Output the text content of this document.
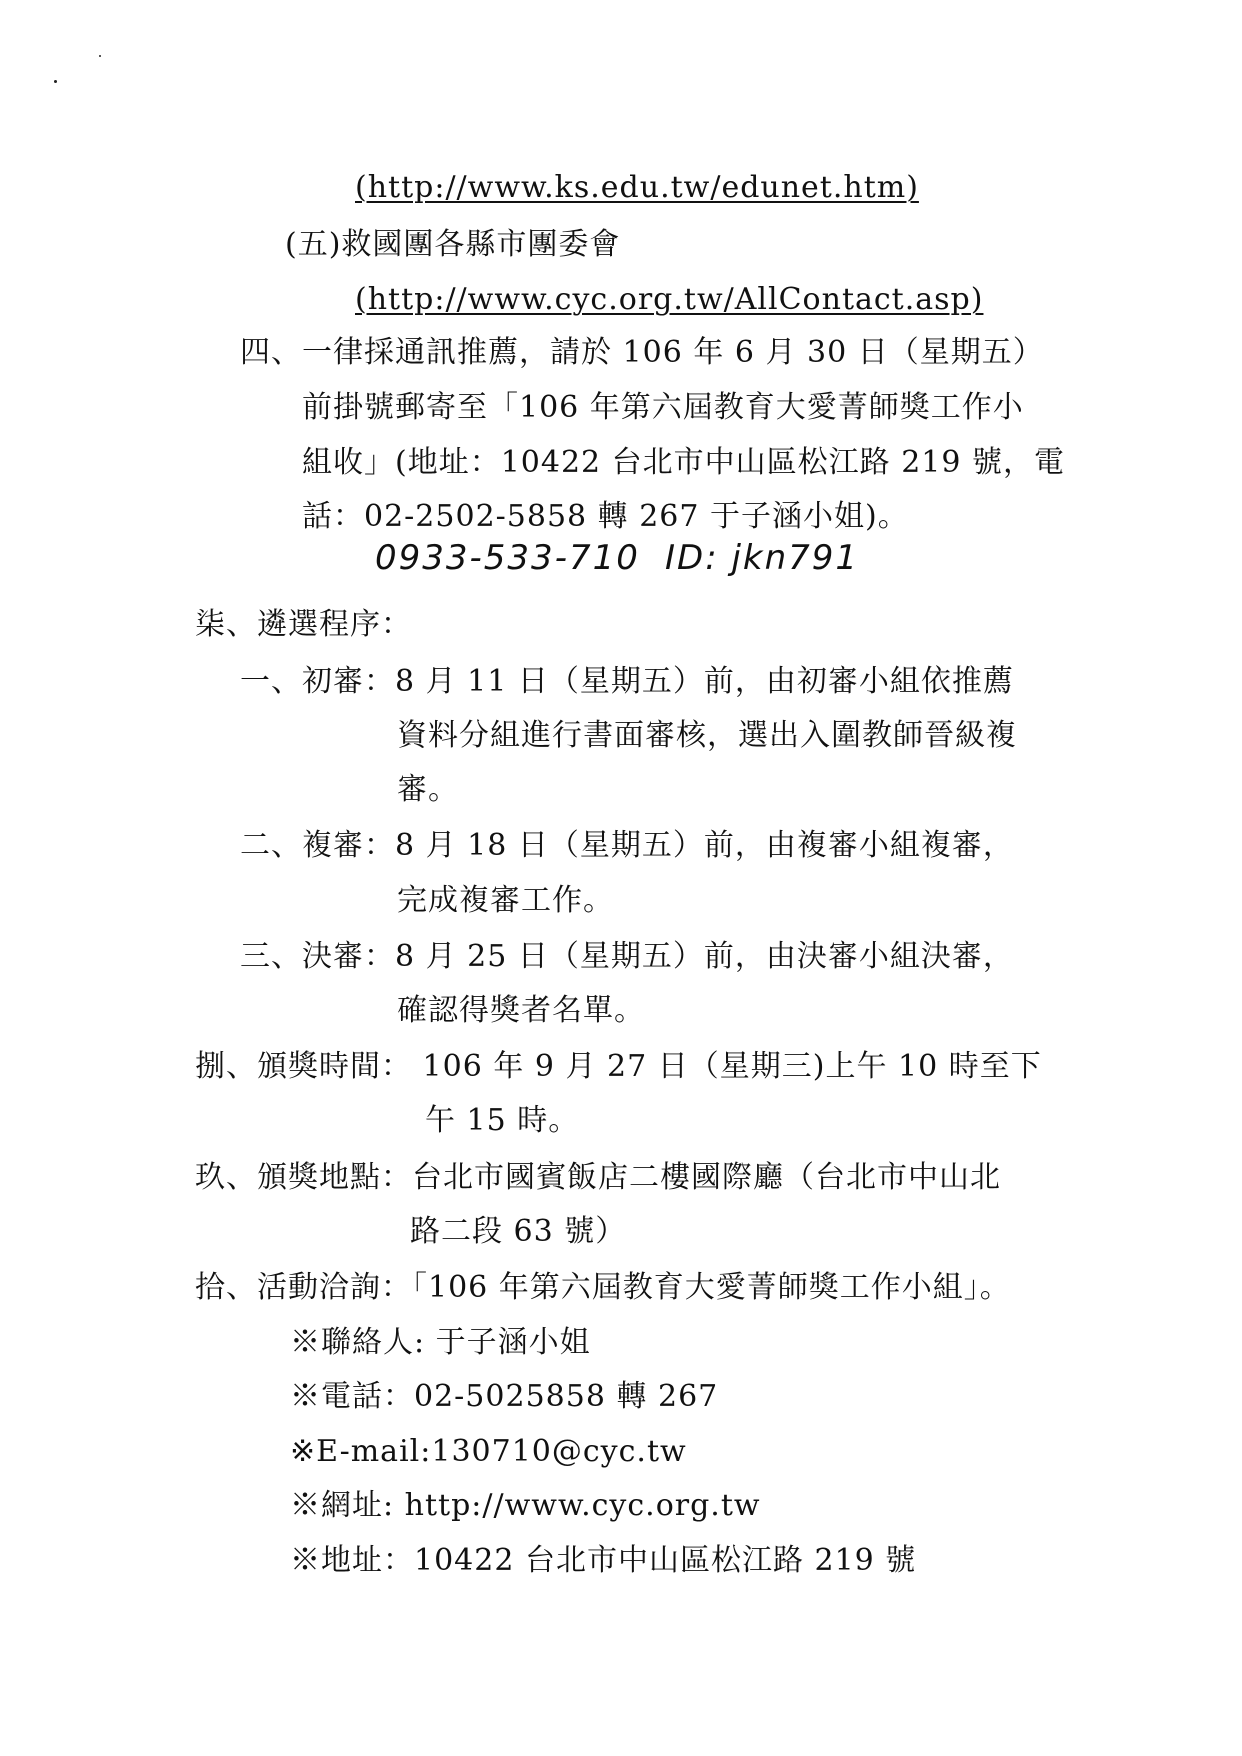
(http://www.ks.edu.tw/edunet.htm)
(五)救國團各縣市團委會
(http://www.cyc.org.tw/AllContact.asp)
四、一律採通訊推薦，請於 106 年 6 月 30 日（星期五）
前掛號郵寄至「106 年第六屆教育大愛菁師獎工作小
組收」(地址：10422 台北市中山區松江路 219 號，電
話：02-2502-5858 轉 267 于子涵小姐)。
0933-533-710 ID: jkn791
柒、遴選程序：
一、初審：8 月 11 日（星期五）前，由初審小組依推薦
資料分組進行書面審核，選出入圍教師晉級複
審。
二、複審：8 月 18 日（星期五）前，由複審小組複審，
完成複審工作。
三、決審：8 月 25 日（星期五）前，由決審小組決審，
確認得獎者名單。
捌、頒獎時間： 106 年 9 月 27 日（星期三)上午 10 時至下
午 15 時。
玖、頒獎地點：台北市國賓飯店二樓國際廳（台北市中山北
路二段 63 號）
拾、活動洽詢：「106 年第六屆教育大愛菁師獎工作小組」。
※聯絡人: 于子涵小姐
※電話：02-5025858 轉 267
※E-mail:130710@cyc.tw
※網址: http://www.cyc.org.tw
※地址：10422 台北市中山區松江路 219 號
